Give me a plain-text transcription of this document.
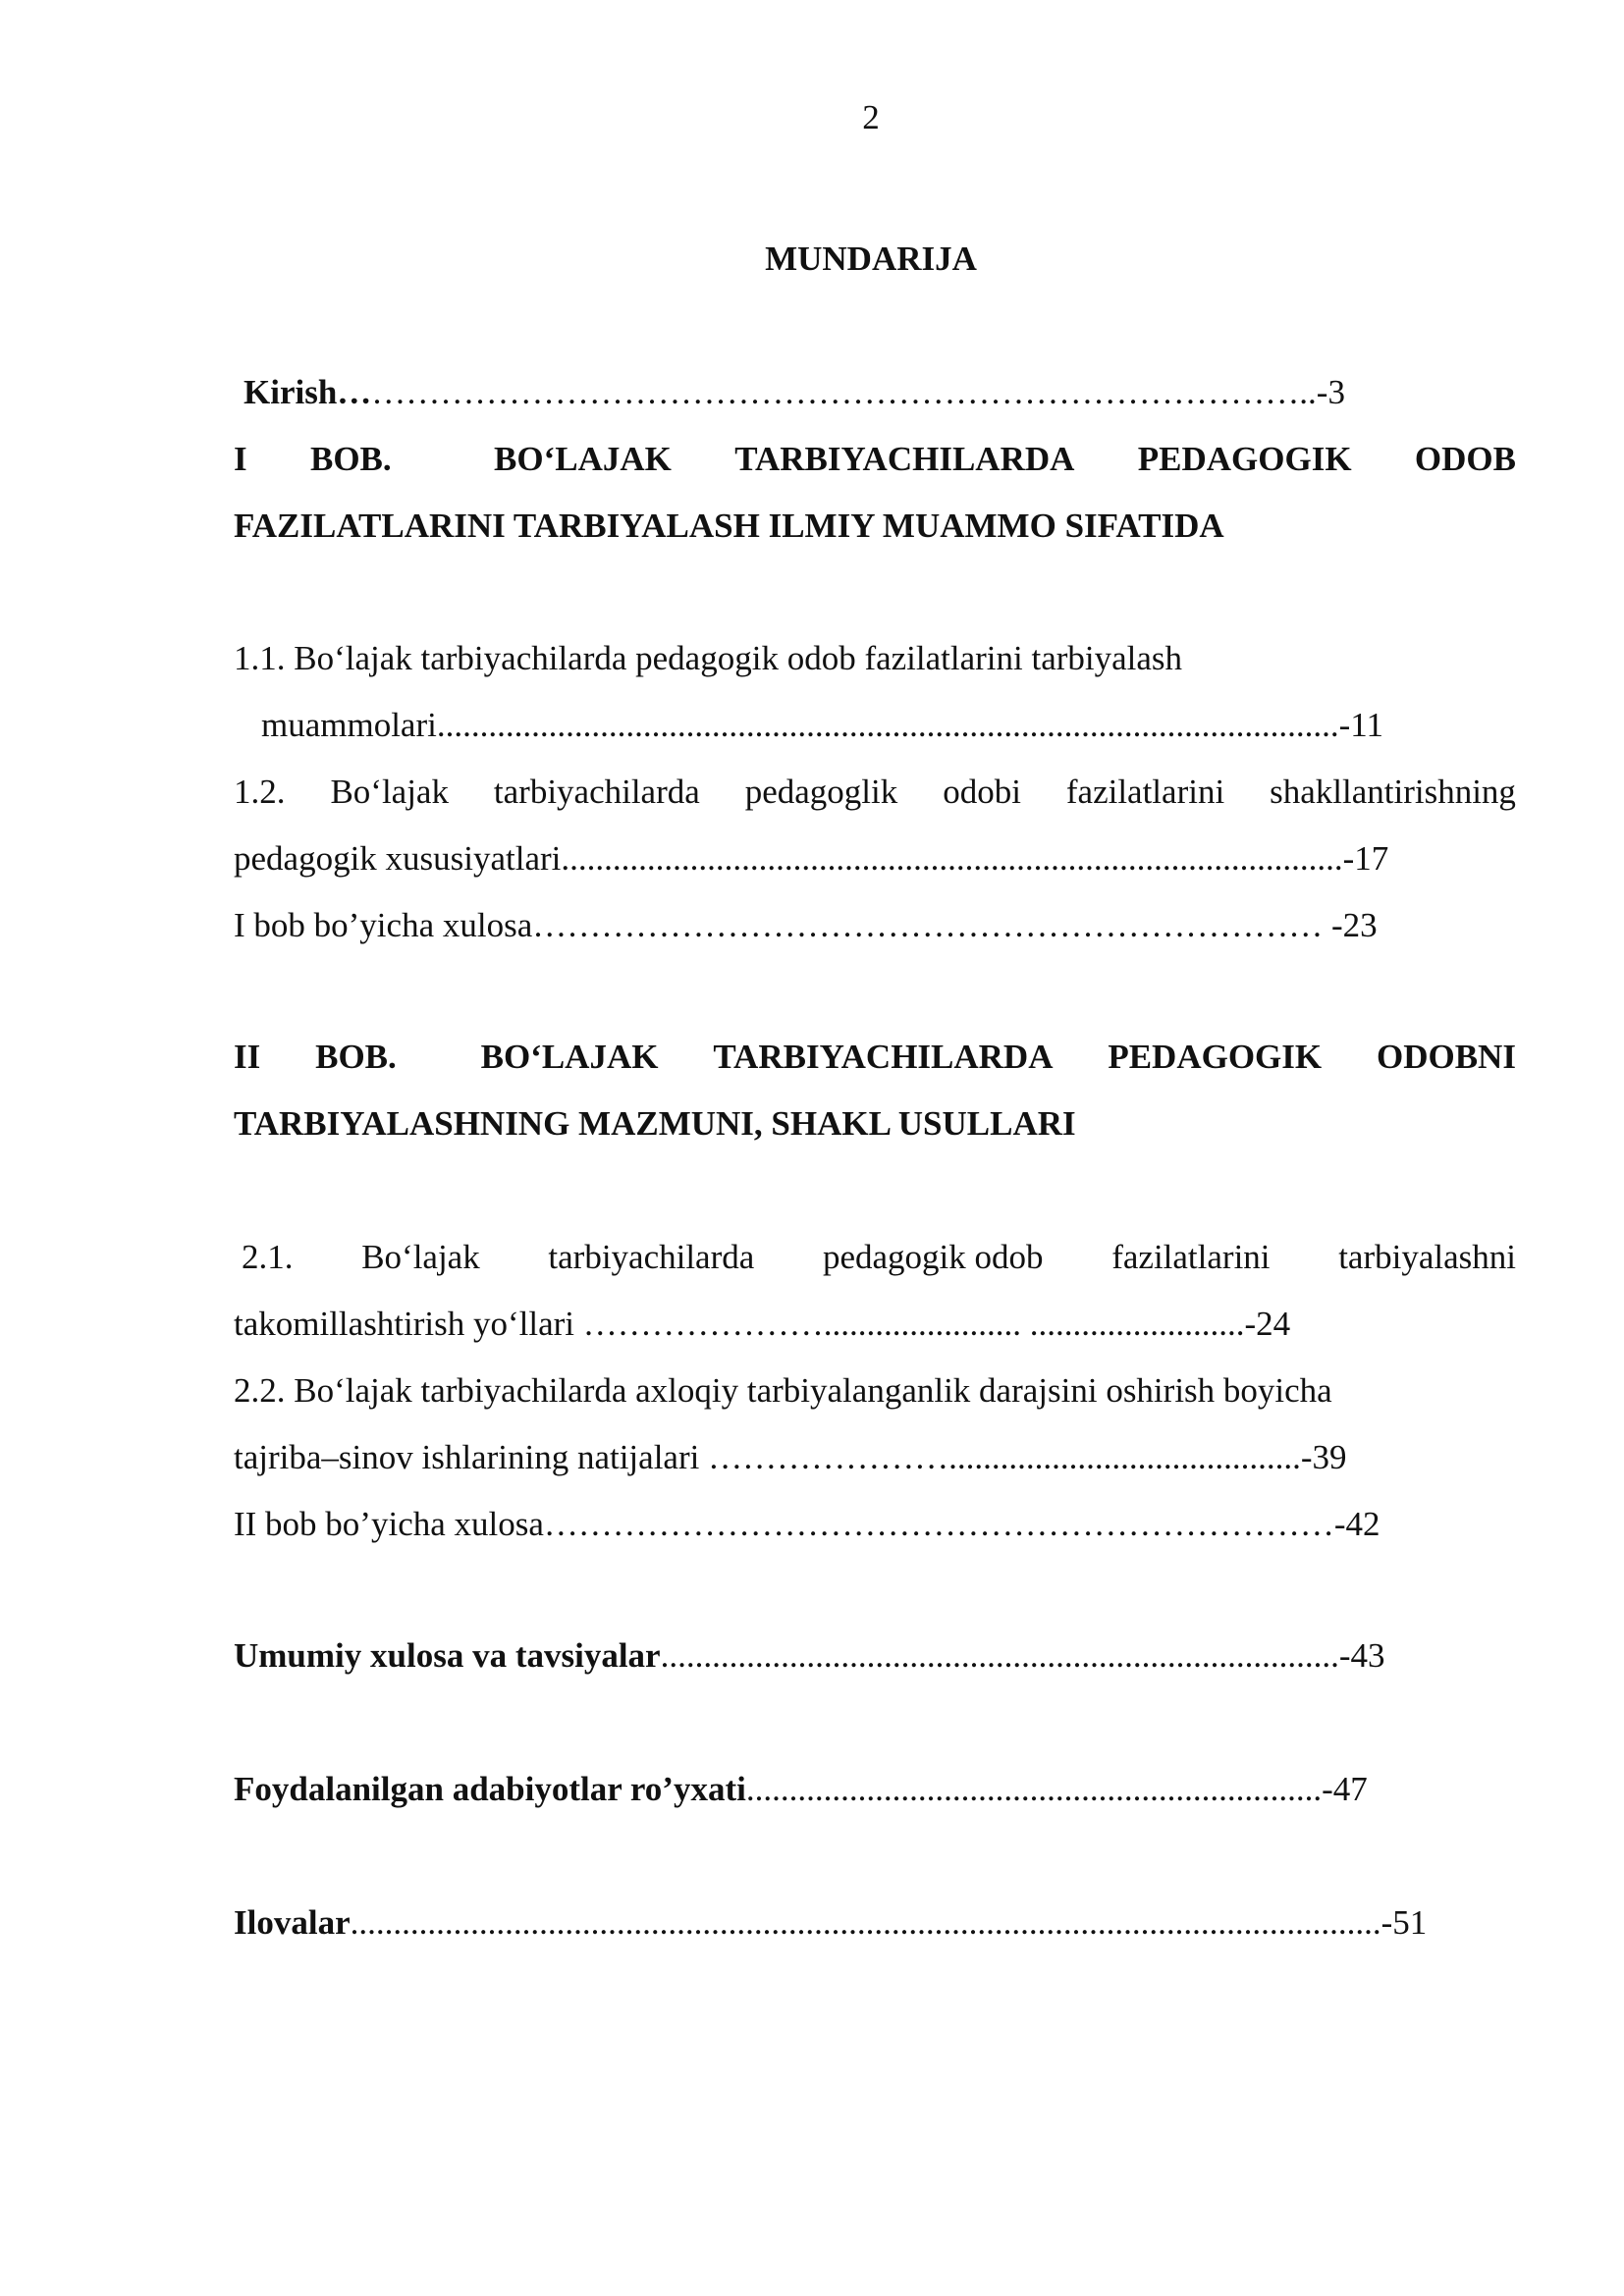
2
MUNDARIJA
Kirish…………………………………………………………………………..-3
I BOB.	BO‘LAJAK TARBIYACHILARDA PEDAGOGIK ODOB
FAZILATLARINI TARBIYALASH ILMIY MUAMMO SIFATIDA
1.1. Bo‘lajak tarbiyachilarda pedagogik odob fazilatlarini tarbiyalash
muammolari.........................................................................................................-11
1.2. Bo‘lajak tarbiyachilarda pedagoglik odobi fazilatlarini shakllantirishning
pedagogik xususiyatlari...........................................................................................-17
I bob bo’yicha xulosa…………………………………………………………… -23
II BOB. BO‘LAJAK TARBIYACHILARDA PEDAGOGIK ODOBNI
TARBIYALASHNING MAZMUNI, SHAKL USULLARI
2.1. Bo‘lajak tarbiyachilarda pedagogik odob fazilatlarini tarbiyalashni
takomillashtirish yo‘llari …………………....................... .........................-24
2.2. Bo‘lajak tarbiyachilarda axloqiy tarbiyalanganlik darajsini oshirish boyicha
tajriba–sinov ishlarining natijalari ………………….........................................-39
II bob bo’yicha xulosa……………………………………………………………-42
Umumiy xulosa va tavsiyalar...............................................................................-43
Foydalanilgan adabiyotlar ro’yxati...................................................................-47
Ilovalar........................................................................................................................-51
